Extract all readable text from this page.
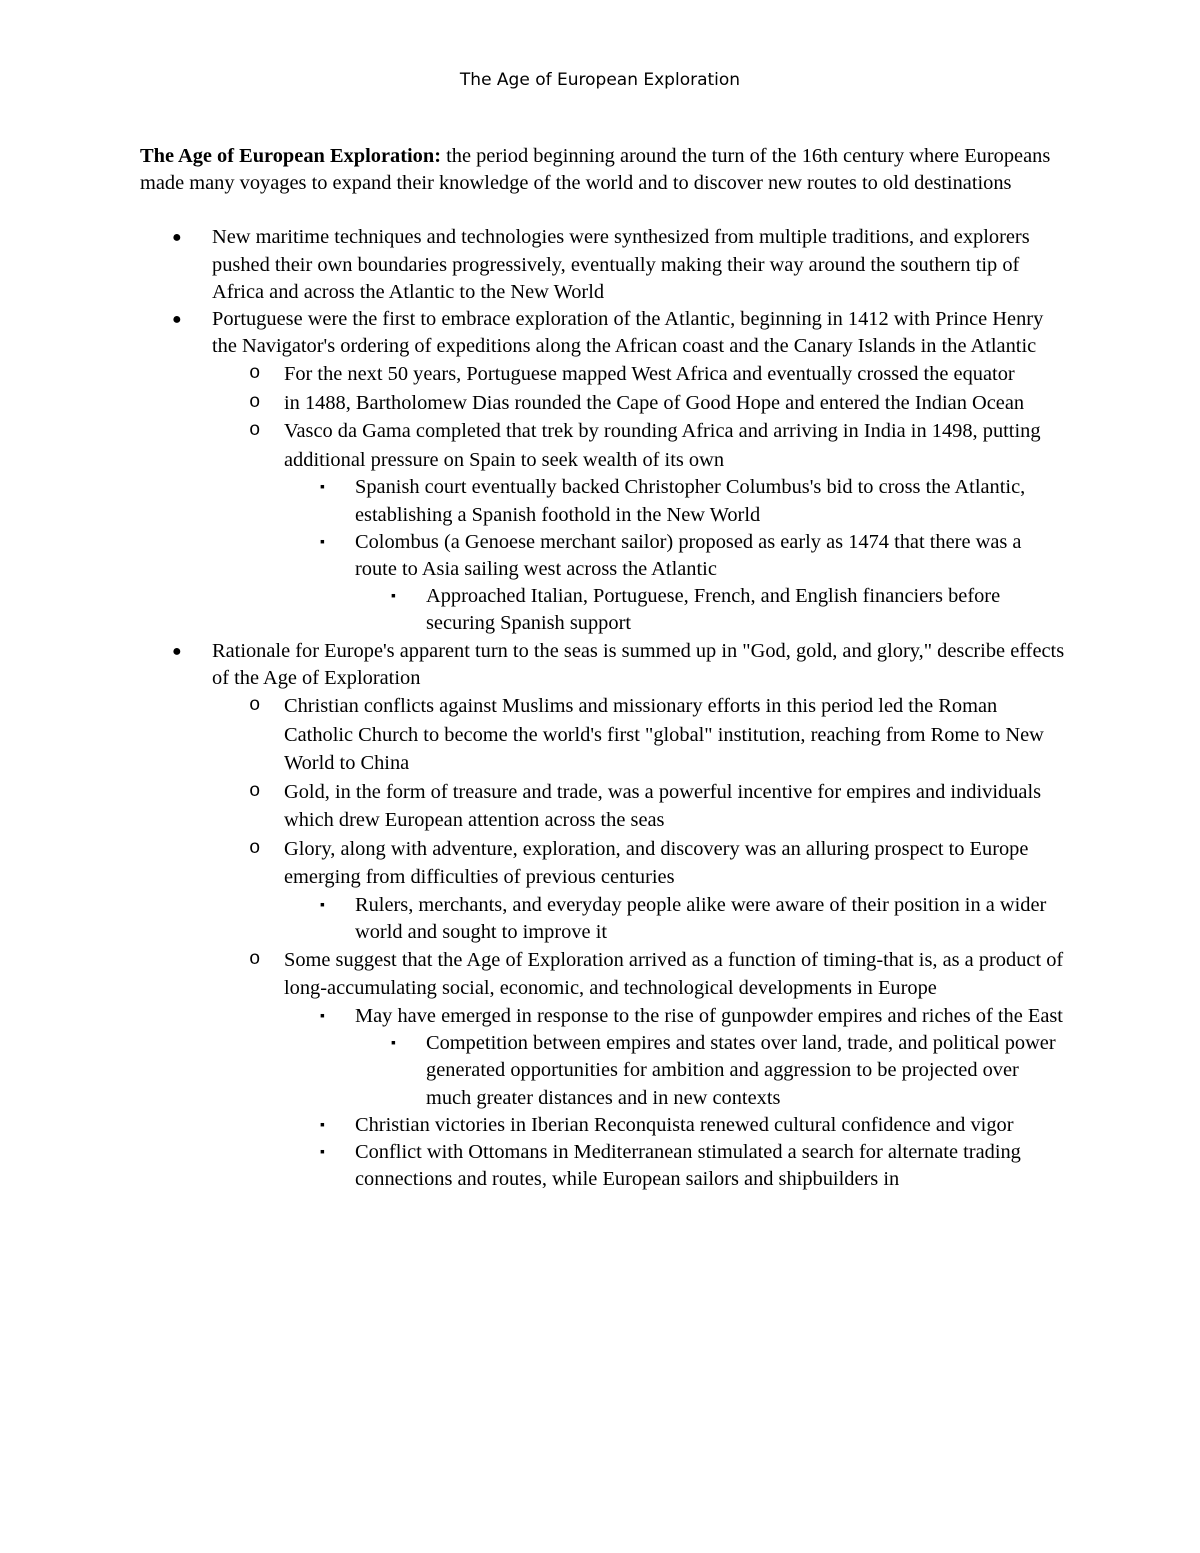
The Age of European Exploration

The Age of European Exploration: the period beginning around the turn of the 16th century where Europeans made many voyages to expand their knowledge of the world and to discover new routes to old destinations

● New maritime techniques and technologies were synthesized from multiple traditions, and explorers pushed their own boundaries progressively, eventually making their way around the southern tip of Africa and across the Atlantic to the New World
● Portuguese were the first to embrace exploration of the Atlantic, beginning in 1412 with Prince Henry the Navigator's ordering of expeditions along the African coast and the Canary Islands in the Atlantic
o For the next 50 years, Portuguese mapped West Africa and eventually crossed the equator
o in 1488, Bartholomew Dias rounded the Cape of Good Hope and entered the Indian Ocean
o Vasco da Gama completed that trek by rounding Africa and arriving in India in 1498, putting additional pressure on Spain to seek wealth of its own
▪ Spanish court eventually backed Christopher Columbus's bid to cross the Atlantic, establishing a Spanish foothold in the New World
▪ Colombus (a Genoese merchant sailor) proposed as early as 1474 that there was a route to Asia sailing west across the Atlantic
▪ Approached Italian, Portuguese, French, and English financiers before securing Spanish support
● Rationale for Europe's apparent turn to the seas is summed up in "God, gold, and glory," describe effects of the Age of Exploration
o Christian conflicts against Muslims and missionary efforts in this period led the Roman Catholic Church to become the world's first "global" institution, reaching from Rome to New World to China
o Gold, in the form of treasure and trade, was a powerful incentive for empires and individuals which drew European attention across the seas
o Glory, along with adventure, exploration, and discovery was an alluring prospect to Europe emerging from difficulties of previous centuries
▪ Rulers, merchants, and everyday people alike were aware of their position in a wider world and sought to improve it
o Some suggest that the Age of Exploration arrived as a function of timing-that is, as a product of long-accumulating social, economic, and technological developments in Europe
▪ May have emerged in response to the rise of gunpowder empires and riches of the East
▪ Competition between empires and states over land, trade, and political power generated opportunities for ambition and aggression to be projected over much greater distances and in new contexts
▪ Christian victories in Iberian Reconquista renewed cultural confidence and vigor
▪ Conflict with Ottomans in Mediterranean stimulated a search for alternate trading connections and routes, while European sailors and shipbuilders in
